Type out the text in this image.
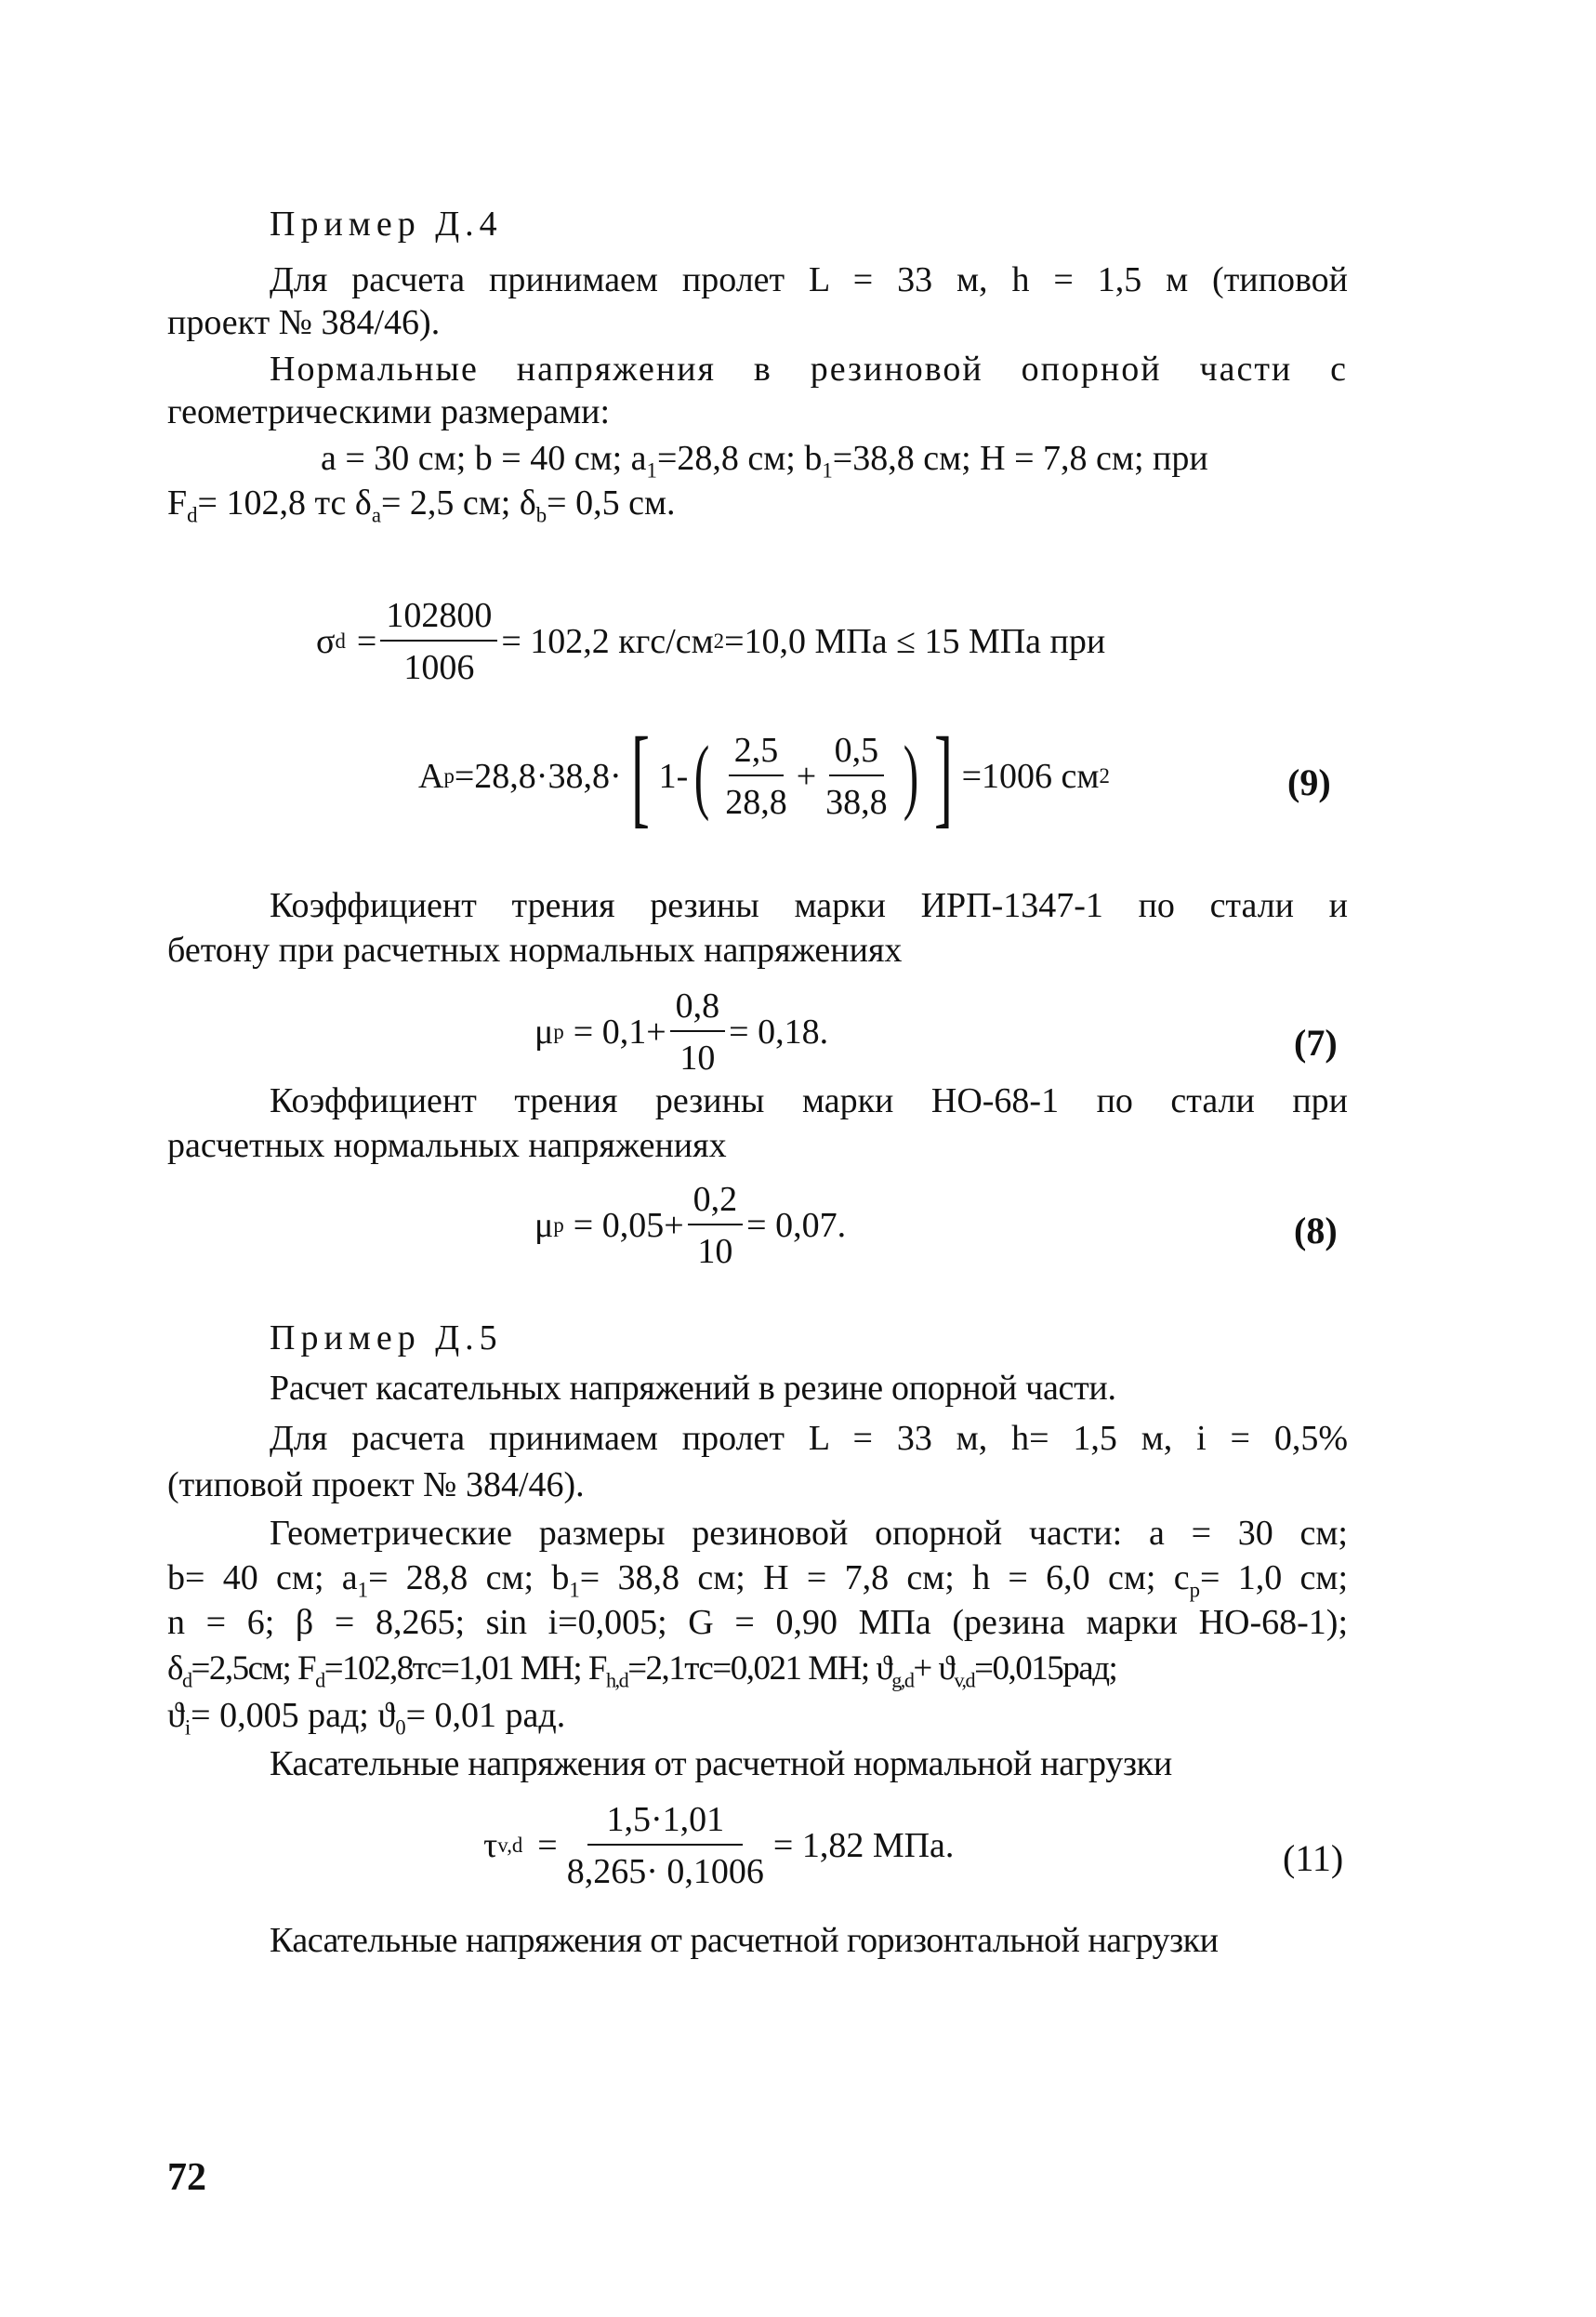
Пример Д.4
Для расчета принимаем пролет L = 33 м, h = 1,5 м (типовой
проект № 384/46).
Нормальные напряжения в резиновой опорной части с
геометрическими размерами:
а = 30 см; b = 40 см; $a_1=28,8$ см; $b_1=38,8$ см; H = 7,8 см; при
$F_d= 102,8$ тс $\delta_a= 2,5$ см; $\delta_b= 0,5$ см.
σ $d = \frac{102800}{1006} = 102,2$ кгс/см 2 =10,0 МПа ≤ 15 МПа при
A p =28,8·38,8· [ 1- ( $\frac{2,5}{28,8} + \frac{0,5}{38,8}$ ) ] =1006 см 2	(9)
Коэффициент трения резины марки ИРП-1347-1 по стали и
бетону при расчетных нормальных напряжениях
μ $p = 0,1+ \frac{0,8}{10} = 0,18$.	(7)
Коэффициент трения резины марки НО-68-1 по стали при
расчетных нормальных напряжениях
μ $p = 0,05+ \frac{0,2}{10} = 0,07$.	(8)
Пример Д.5
Расчет касательных напряжений в резине опорной части.
Для расчета принимаем пролет L = 33 м, h= 1,5 м, i = 0,5%
(типовой проект № 384/46).
Геометрические размеры резиновой опорной части: a = 30 см;
b= 40 см; $a_1= 28,8$ см; $b_1= 38,8$ см; H = 7,8 см; h = 6,0 см; $c_p= 1,0$ см;
n = 6; β = 8,265; sin i=0,005; G = 0,90 МПа (резина марки НО-68-1);
$\delta_d=2,5см$; $F_d=102,8тс=1,01$ МН; $F_{h,d}=2,1тс=0,021$ МН; $ϑ_{g,d}+ ϑ_{v,d}=0,015рад$;
$ϑ_i= 0,005$ рад; $ϑ_0= 0,01$ рад.
Касательные напряжения от расчетной нормальной нагрузки
τ $v,d = \frac{1,5\cdot 1,01}{8,265\cdot 0,1006} = 1,82$ МПа.	(11)
Касательные напряжения от расчетной горизонтальной нагрузки
72
